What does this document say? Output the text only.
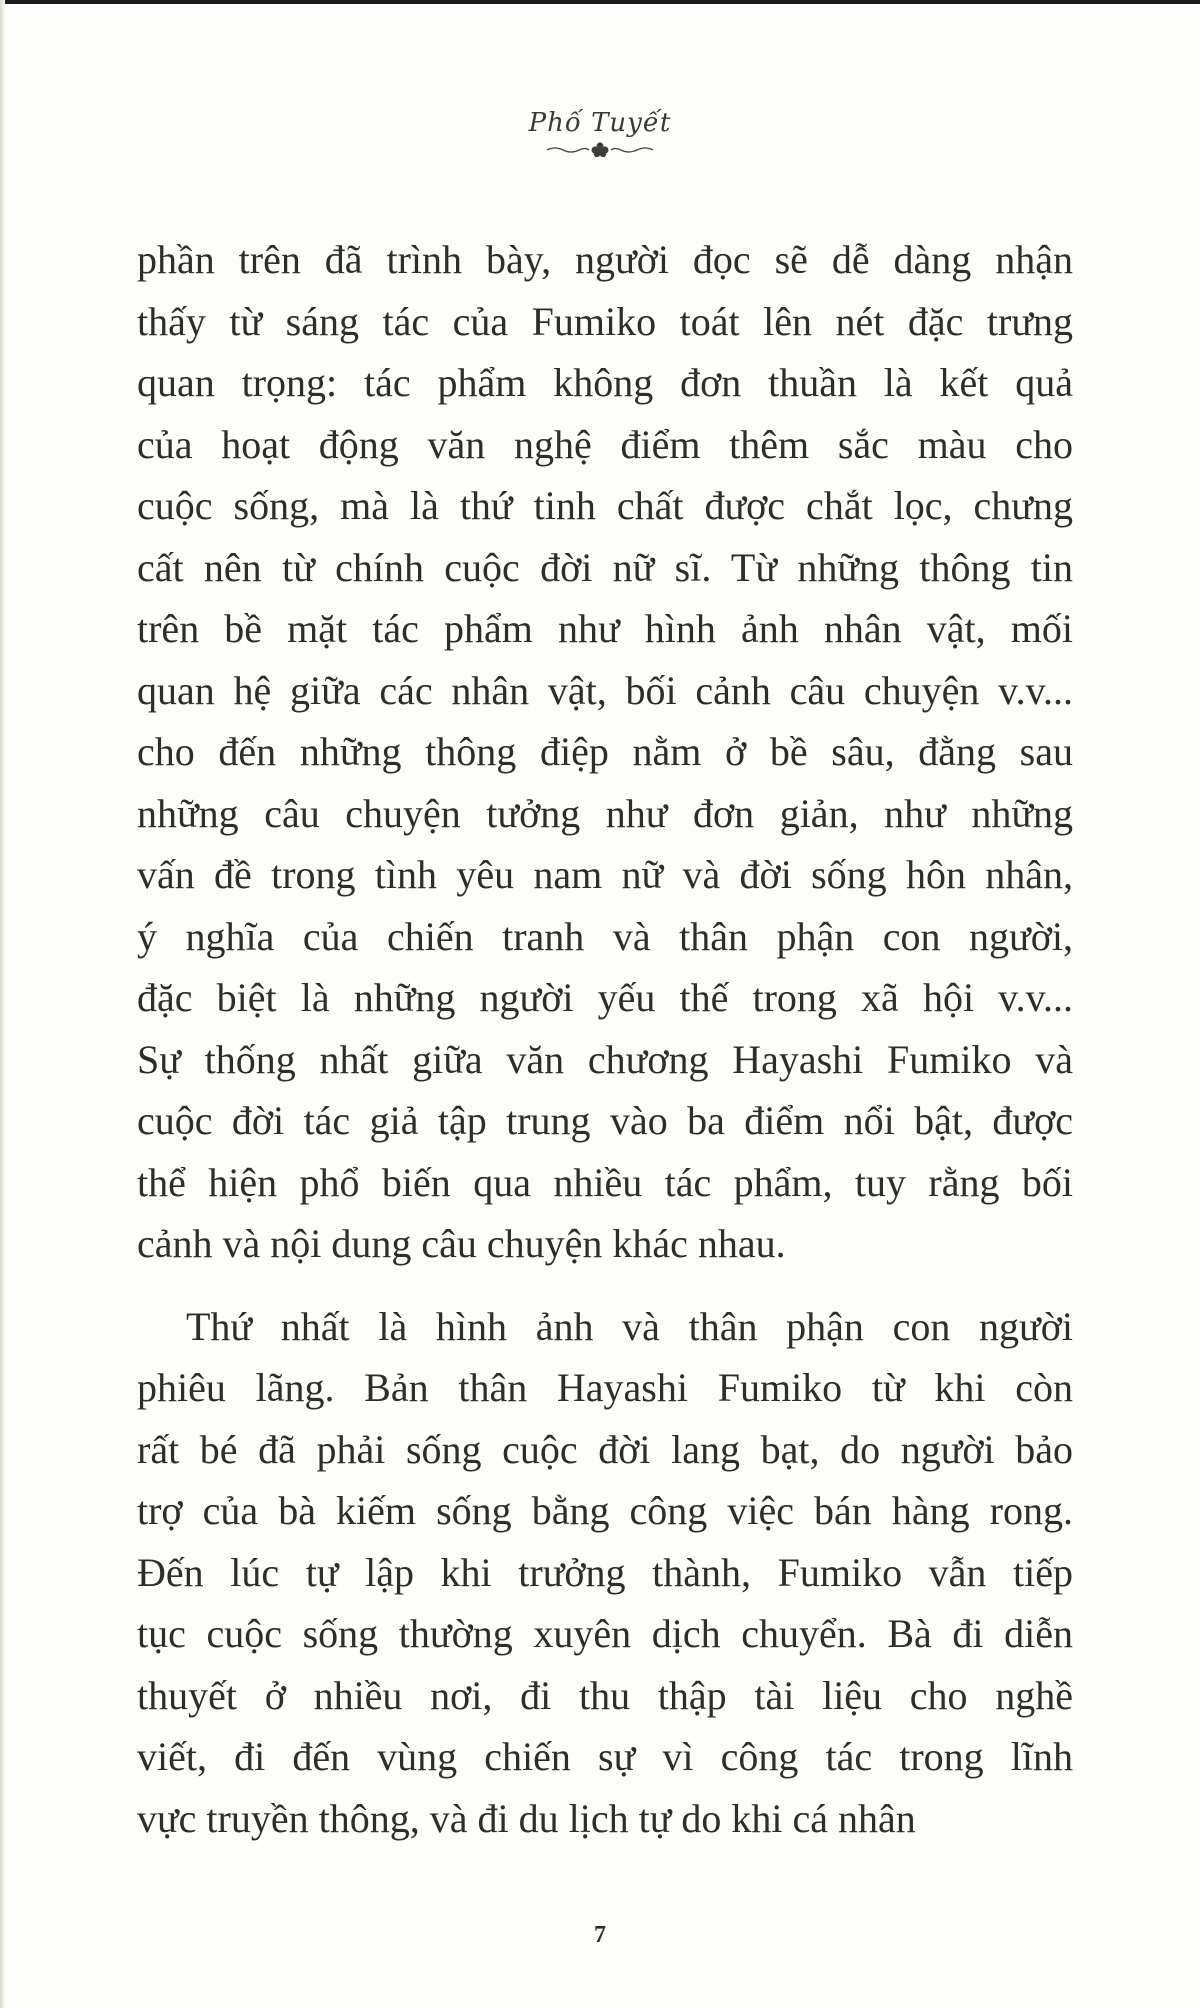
Phố Tuyết
phần trên đã trình bày, người đọc sẽ dễ dàng nhận
thấy từ sáng tác của Fumiko toát lên nét đặc trưng
quan trọng: tác phẩm không đơn thuần là kết quả
của hoạt động văn nghệ điểm thêm sắc màu cho
cuộc sống, mà là thứ tinh chất được chắt lọc, chưng
cất nên từ chính cuộc đời nữ sĩ. Từ những thông tin
trên bề mặt tác phẩm như hình ảnh nhân vật, mối
quan hệ giữa các nhân vật, bối cảnh câu chuyện v.v...
cho đến những thông điệp nằm ở bề sâu, đằng sau
những câu chuyện tưởng như đơn giản, như những
vấn đề trong tình yêu nam nữ và đời sống hôn nhân,
ý nghĩa của chiến tranh và thân phận con người,
đặc biệt là những người yếu thế trong xã hội v.v...
Sự thống nhất giữa văn chương Hayashi Fumiko và
cuộc đời tác giả tập trung vào ba điểm nổi bật, được
thể hiện phổ biến qua nhiều tác phẩm, tuy rằng bối
cảnh và nội dung câu chuyện khác nhau.
Thứ nhất là hình ảnh và thân phận con người
phiêu lãng. Bản thân Hayashi Fumiko từ khi còn
rất bé đã phải sống cuộc đời lang bạt, do người bảo
trợ của bà kiếm sống bằng công việc bán hàng rong.
Đến lúc tự lập khi trưởng thành, Fumiko vẫn tiếp
tục cuộc sống thường xuyên dịch chuyển. Bà đi diễn
thuyết ở nhiều nơi, đi thu thập tài liệu cho nghề
viết, đi đến vùng chiến sự vì công tác trong lĩnh
vực truyền thông, và đi du lịch tự do khi cá nhân
7
